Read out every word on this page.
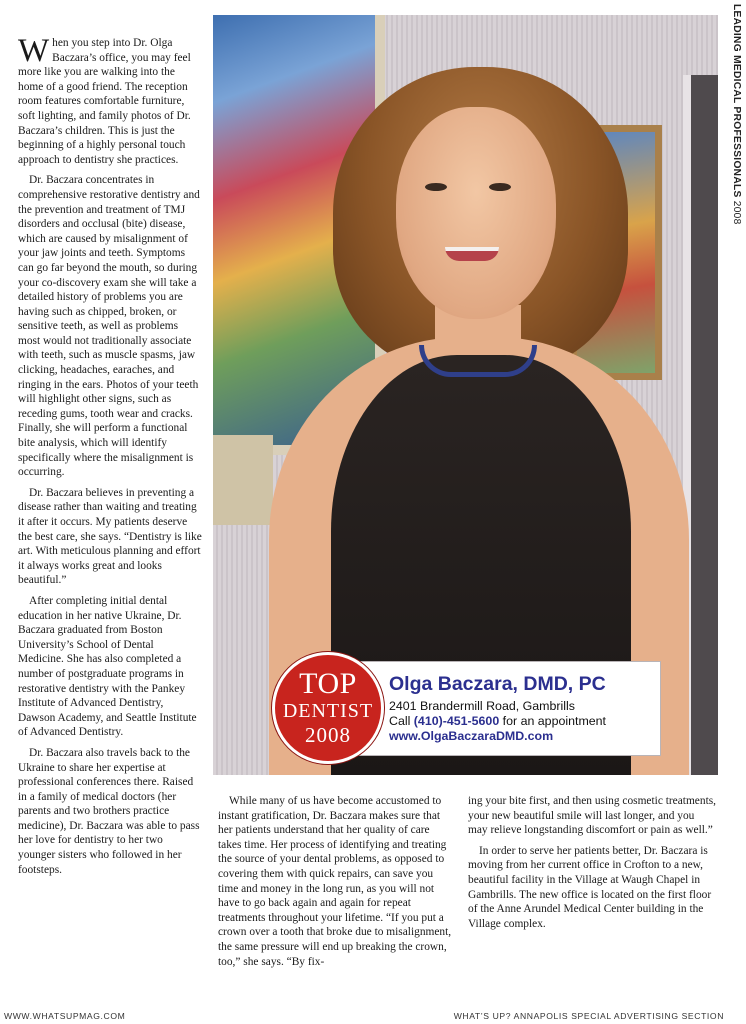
When you step into Dr. Olga Baczara’s office, you may feel more like you are walking into the home of a good friend. The reception room features comfortable furniture, soft lighting, and family photos of Dr. Baczara’s children. This is just the beginning of a highly personal touch approach to dentistry she practices.

Dr. Baczara concentrates in comprehensive restorative dentistry and the prevention and treatment of TMJ disorders and occlusal (bite) disease, which are caused by misalignment of your jaw joints and teeth. Symptoms can go far beyond the mouth, so during your co-discovery exam she will take a detailed history of problems you are having such as chipped, broken, or sensitive teeth, as well as problems most would not traditionally associate with teeth, such as muscle spasms, jaw clicking, headaches, earaches, and ringing in the ears. Photos of your teeth will highlight other signs, such as receding gums, tooth wear and cracks. Finally, she will perform a functional bite analysis, which will identify specifically where the misalignment is occurring.

Dr. Baczara believes in preventing a disease rather than waiting and treating it after it occurs. My patients deserve the best care, she says. “Dentistry is like art. With meticulous planning and effort it always works great and looks beautiful.”

After completing initial dental education in her native Ukraine, Dr. Baczara graduated from Boston University’s School of Dental Medicine. She has also completed a number of postgraduate programs in restorative dentistry with the Pankey Institute of Advanced Dentistry, Dawson Academy, and Seattle Institute of Advanced Dentistry.

Dr. Baczara also travels back to the Ukraine to share her expertise at professional conferences there. Raised in a family of medical doctors (her parents and two brothers practice medicine), Dr. Baczara was able to pass her love for dentistry to her two younger sisters who followed in her footsteps.

TOP
DENTIST
2008
Olga Baczara, DMD, PC
2401 Brandermill Road, Gambrills
Call (410)-451-5600 for an appointment
www.OlgaBaczaraDMD.com

While many of us have become accustomed to instant gratification, Dr. Baczara makes sure that her patients understand that her quality of care takes time. Her process of identifying and treating the source of your dental problems, as opposed to covering them with quick repairs, can save you time and money in the long run, as you will not have to go back again and again for repeat treatments throughout your lifetime. “If you put a crown over a tooth that broke due to misalignment, the same pressure will end up breaking the crown, too,” she says. “By fix-

ing your bite first, and then using cosmetic treatments, your new beautiful smile will last longer, and you may relieve longstanding discomfort or pain as well.”

In order to serve her patients better, Dr. Baczara is moving from her current office in Crofton to a new, beautiful facility in the Village at Waugh Chapel in Gambrills. The new office is located on the first floor of the Anne Arundel Medical Center building in the Village complex.

LEADING MEDICAL PROFESSIONALS 2008
WWW.WHATSUPMAG.COM	WHAT’S UP? ANNAPOLIS SPECIAL ADVERTISING SECTION
